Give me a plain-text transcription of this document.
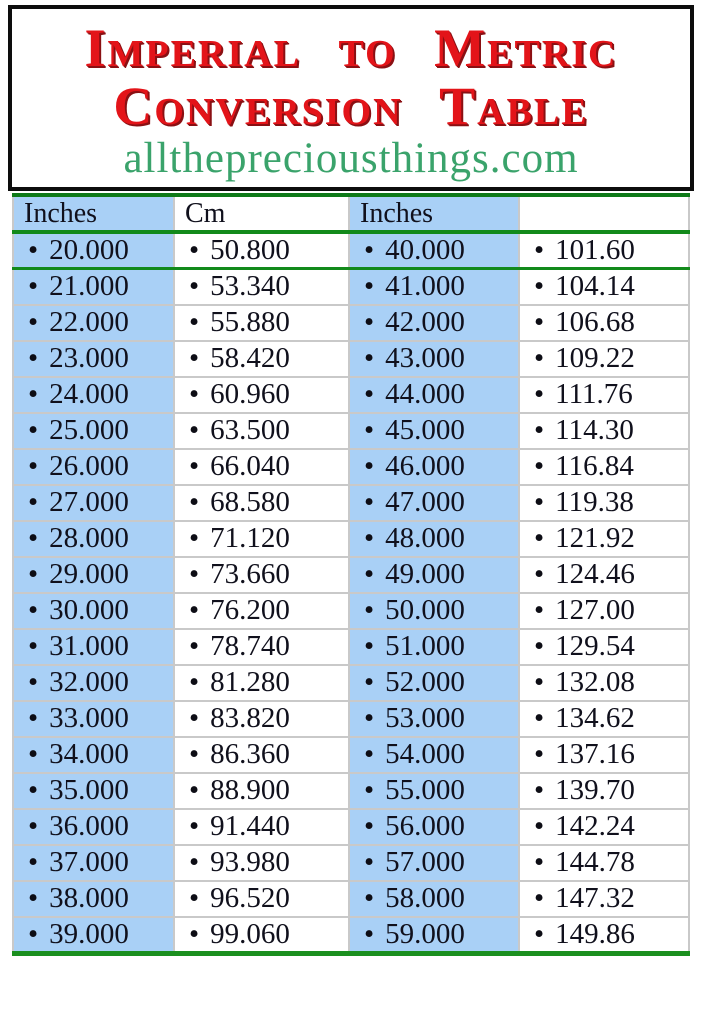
Imperial to Metric
Conversion Table
allthepreciousthings.com
Inches	Cm	Inches	
• 20.000	• 50.800	• 40.000	• 101.60
• 21.000	• 53.340	• 41.000	• 104.14
• 22.000	• 55.880	• 42.000	• 106.68
• 23.000	• 58.420	• 43.000	• 109.22
• 24.000	• 60.960	• 44.000	• 111.76
• 25.000	• 63.500	• 45.000	• 114.30
• 26.000	• 66.040	• 46.000	• 116.84
• 27.000	• 68.580	• 47.000	• 119.38
• 28.000	• 71.120	• 48.000	• 121.92
• 29.000	• 73.660	• 49.000	• 124.46
• 30.000	• 76.200	• 50.000	• 127.00
• 31.000	• 78.740	• 51.000	• 129.54
• 32.000	• 81.280	• 52.000	• 132.08
• 33.000	• 83.820	• 53.000	• 134.62
• 34.000	• 86.360	• 54.000	• 137.16
• 35.000	• 88.900	• 55.000	• 139.70
• 36.000	• 91.440	• 56.000	• 142.24
• 37.000	• 93.980	• 57.000	• 144.78
• 38.000	• 96.520	• 58.000	• 147.32
• 39.000	• 99.060	• 59.000	• 149.86
